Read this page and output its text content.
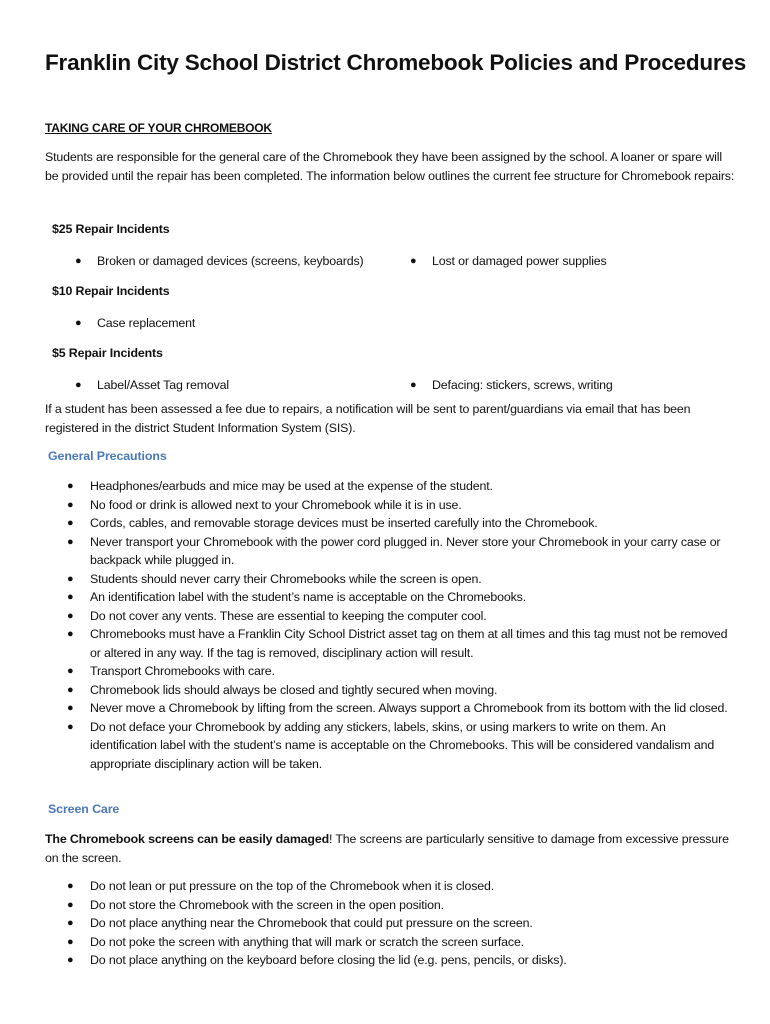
Franklin City School District Chromebook Policies and Procedures
TAKING CARE OF YOUR CHROMEBOOK
Students are responsible for the general care of the Chromebook they have been assigned by the school. A loaner or spare will be provided until the repair has been completed. The information below outlines the current fee structure for Chromebook repairs:
$25 Repair Incidents
● Broken or damaged devices (screens, keyboards)	● Lost or damaged power supplies
$10 Repair Incidents
● Case replacement
$5 Repair Incidents
● Label/Asset Tag removal	● Defacing: stickers, screws, writing
If a student has been assessed a fee due to repairs, a notification will be sent to parent/guardians via email that has been registered in the district Student Information System (SIS).
General Precautions
● Headphones/earbuds and mice may be used at the expense of the student.
● No food or drink is allowed next to your Chromebook while it is in use.
● Cords, cables, and removable storage devices must be inserted carefully into the Chromebook.
● Never transport your Chromebook with the power cord plugged in. Never store your Chromebook in your carry case or backpack while plugged in.
● Students should never carry their Chromebooks while the screen is open.
● An identification label with the student’s name is acceptable on the Chromebooks.
● Do not cover any vents. These are essential to keeping the computer cool.
● Chromebooks must have a Franklin City School District asset tag on them at all times and this tag must not be removed or altered in any way. If the tag is removed, disciplinary action will result.
● Transport Chromebooks with care.
● Chromebook lids should always be closed and tightly secured when moving.
● Never move a Chromebook by lifting from the screen. Always support a Chromebook from its bottom with the lid closed.
● Do not deface your Chromebook by adding any stickers, labels, skins, or using markers to write on them. An identification label with the student’s name is acceptable on the Chromebooks. This will be considered vandalism and appropriate disciplinary action will be taken.
Screen Care
The Chromebook screens can be easily damaged! The screens are particularly sensitive to damage from excessive pressure on the screen.
● Do not lean or put pressure on the top of the Chromebook when it is closed.
● Do not store the Chromebook with the screen in the open position.
● Do not place anything near the Chromebook that could put pressure on the screen.
● Do not poke the screen with anything that will mark or scratch the screen surface.
● Do not place anything on the keyboard before closing the lid (e.g. pens, pencils, or disks).
